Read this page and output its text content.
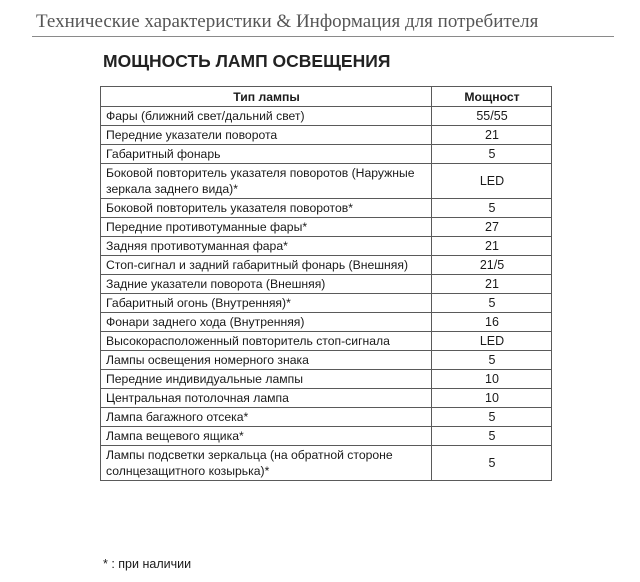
Технические характеристики & Информация для потребителя
МОЩНОСТЬ ЛАМП ОСВЕЩЕНИЯ
Тип лампы	Мощност
Фары (ближний свет/дальний свет)	55/55
Передние указатели поворота	21
Габаритный фонарь	5
Боковой повторитель указателя поворотов (Наружные зеркала заднего вида)*	LED
Боковой повторитель указателя поворотов*	5
Передние противотуманные фары*	27
Задняя противотуманная фара*	21
Стоп-сигнал и задний габаритный фонарь (Внешняя)	21/5
Задние указатели поворота (Внешняя)	21
Габаритный огонь (Внутренняя)*	5
Фонари заднего хода (Внутренняя)	16
Высокорасположенный повторитель стоп-сигнала	LED
Лампы освещения номерного знака	5
Передние индивидуальные лампы	10
Центральная потолочная лампа	10
Лампа багажного отсека*	5
Лампа вещевого ящика*	5
Лампы подсветки зеркальца (на обратной стороне солнцезащитного козырька)*	5
* : при наличии
